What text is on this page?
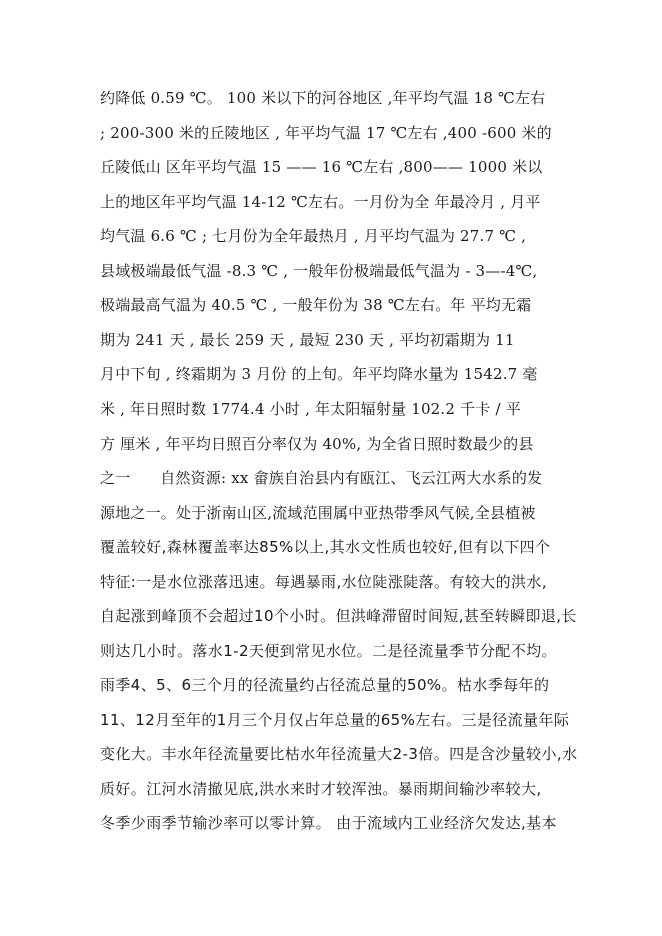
约降低 0.59 ℃。 100 米以下的河谷地区 ,年平均气温 18 ℃左右
; 200-300 米的丘陵地区 , 年平均气温 17 ℃左右 ,400 -600 米的
丘陵低山 区年平均气温 15 —— 16 ℃左右 ,800—— 1000 米以
上的地区年平均气温 14-12 ℃左右。一月份为全 年最冷月 , 月平
均气温 6.6 ℃ ; 七月份为全年最热月 , 月平均气温为 27.7 ℃ ,
县域极端最低气温 -8.3 ℃ , 一般年份极端最低气温为 - 3—-4℃,
极端最高气温为 40.5 ℃ , 一般年份为 38 ℃左右。年 平均无霜
期为 241 天 , 最长 259 天 , 最短 230 天 , 平均初霜期为 11
月中下旬 , 终霜期为 3 月份 的上旬。年平均降水量为 1542.7 毫
米 , 年日照时数 1774.4 小时 , 年太阳辐射量 102.2 千卡 / 平
方 厘米 , 年平均日照百分率仅为 40%, 为全省日照时数最少的县
之一      自然资源: xx 畲族自治县内有瓯江、飞云江两大水系的发
源地之一。处于浙南山区,流域范围属中亚热带季风气候,全县植被
覆盖较好,森林覆盖率达85%以上,其水文性质也较好,但有以下四个
特征:一是水位涨落迅速。每遇暴雨,水位陡涨陡落。有较大的洪水,
自起涨到峰顶不会超过10个小时。但洪峰滞留时间短,甚至转瞬即退,长
则达几小时。落水1-2天便到常见水位。二是径流量季节分配不均。
雨季4、5、6三个月的径流量约占径流总量的50%。枯水季每年的
11、12月至年的1月三个月仅占年总量的65%左右。三是径流量年际
变化大。丰水年径流量要比枯水年径流量大2-3倍。四是含沙量较小,水
质好。江河水清撤见底,洪水来时才较浑浊。暴雨期间输沙率较大,
冬季少雨季节输沙率可以零计算。 由于流域内工业经济欠发达,基本
